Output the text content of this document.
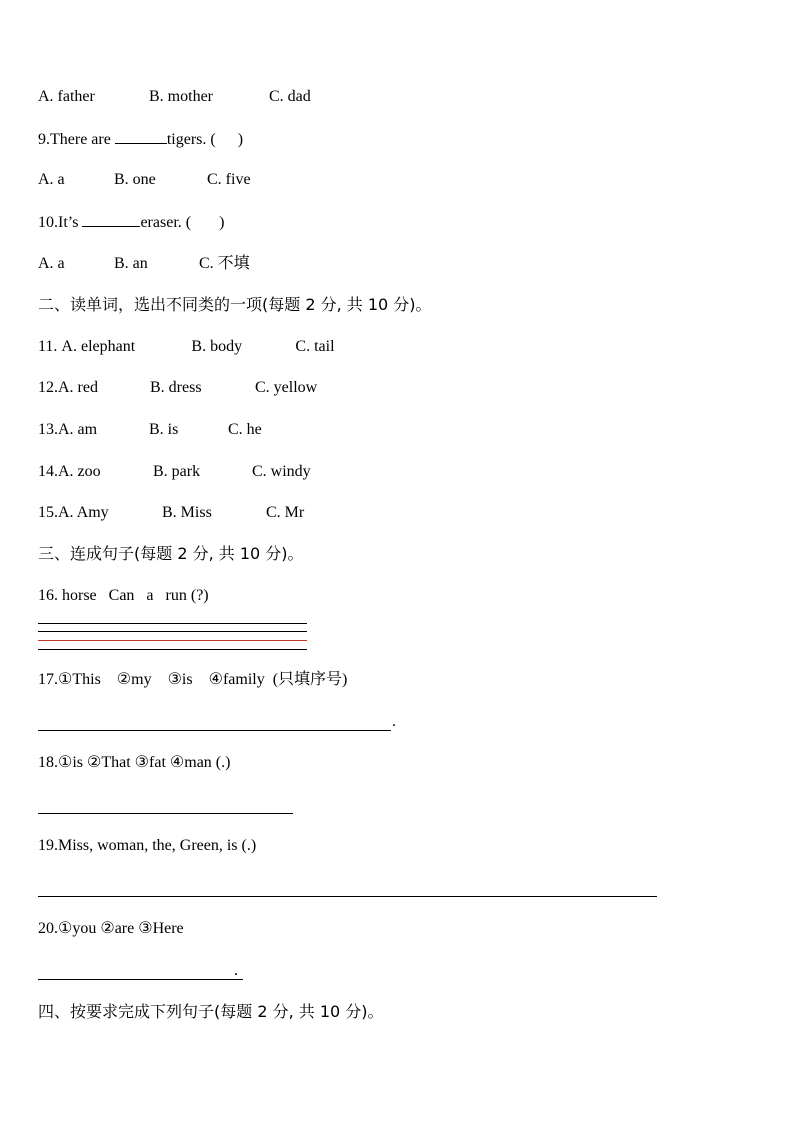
A. father	B. mother	C. dad
9.There are	tigers. ( )
A. a	B. one	C. five
10.It’s	eraser. ( )
A. a	B. an	C. 不填
二、读单词，选出不同类的一项(每题 2 分, 共 10 分)。
11. A. elephant	B. body	C. tail
12.A. red	B. dress	C. yellow
13.A. am	B. is	C. he
14.A. zoo	B. park	C. windy
15.A. Amy	B. Miss	C. Mr
三、连成句子(每题 2 分, 共 10 分)。
16. horse   Can   a   run (?)
17.①This    ②my    ③is    ④family  (只填序号)
.
18.①is ②That ③fat ④man (.)
19.Miss, woman, the, Green, is (.)
20.①you ②are ③Here
.
四、按要求完成下列句子(每题 2 分, 共 10 分)。
